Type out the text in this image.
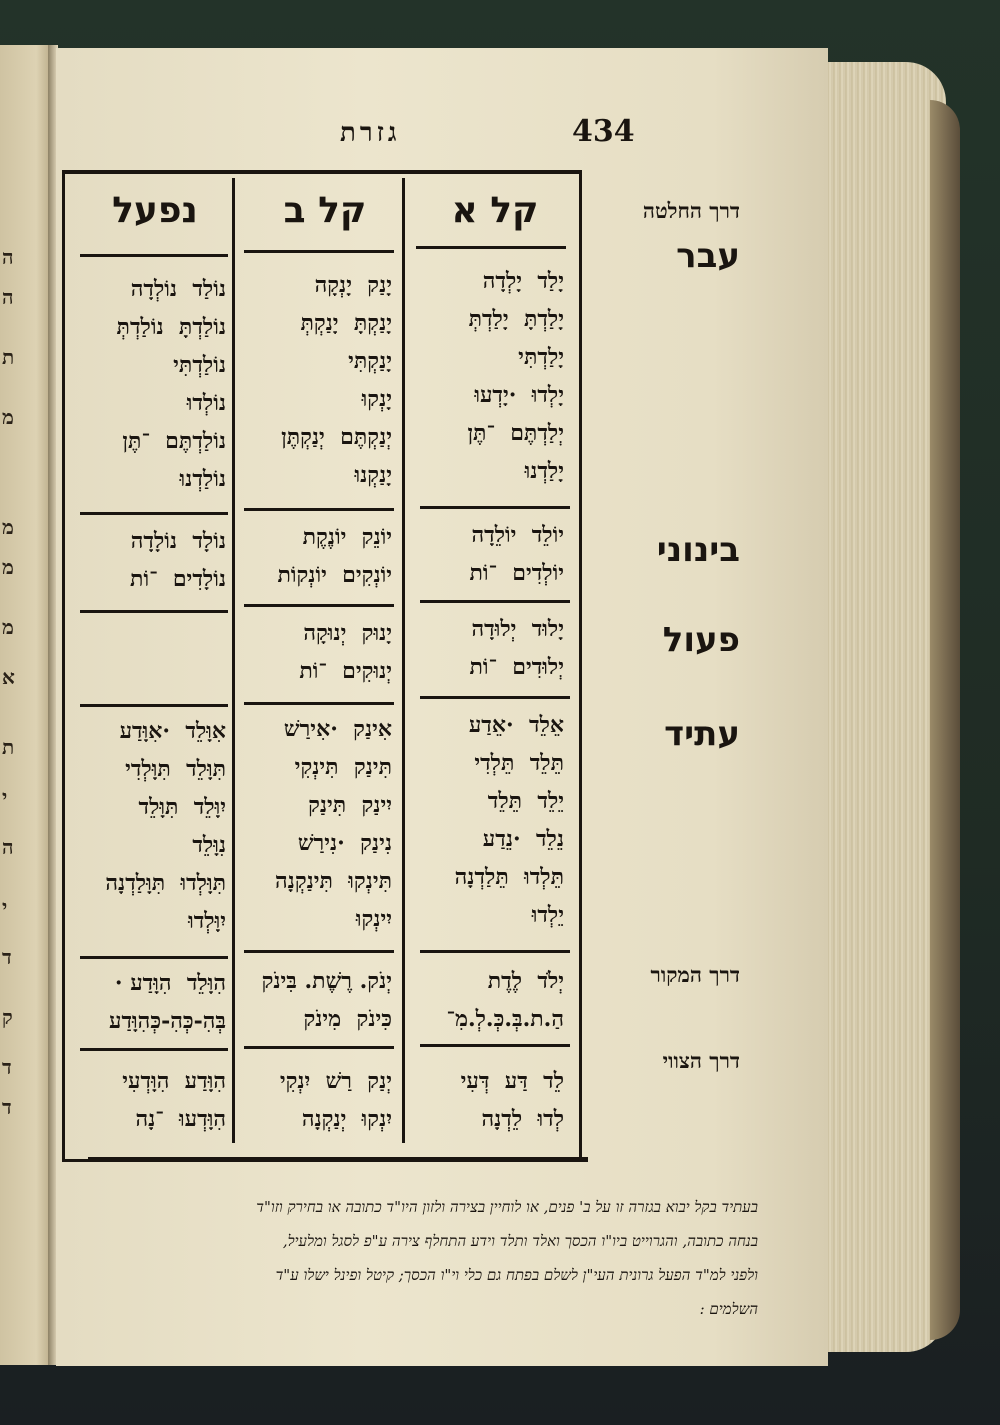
ה
ה
ת
מ
מ
מ
מ
א
ת
י
ה
י
ד
ק
ד
ד
גזרת	434
קל א
קל ב
נפעל	דרך החלטה
עבר
בינוני
פעול
עתיד
דרך המקור
דרך הצווי
יָלַד  יָלְדָה
יָלַדְתָּ  יָלַדְתְּ
יָלַדְתִּי
יָלְדוּ  ·יָדְעוּ
יְלַדְתֶּם  ־תֶּן
יָלַדְנוּ
יוֹלֵד  יוֹלֵדָה
יוֹלְדִים  ־וֹת
יָלוּד  יְלוּדָה
יְלוּדִים  ־וֹת
אֵלֵד  ·אֵדַע
תֵּלֵד  תֵּלְדִי
יֵלֵד  תֵּלֵד
נֵלֵד  ·נֵדַע
תֵּלְדוּ  תֵּלַדְנָה
יֵלְדוּ
יְלֹד  לֶדֶת
הַ.ת.בְּ.כְּ.לְ.מִ־
לֵד  דַּע  דְּעִי
לְדוּ  לֵדְנָה
יָנַק  יָנְקָה
יָנַקְתָּ  יָנַקְתְּ
יָנַקְתִּי
יָנְקוּ
יְנַקְתֶּם  יְנַקְתֶּן
יָנַקְנוּ
יוֹנֵק  יוֹנֶקֶת
יוֹנְקִים  יוֹנְקוֹת
יָנוּק  יְנוּקָה
יְנוּקִים  ־וֹת
אִינַק  ·אִירַשׁ
תִּינַק  תִּינְקִי
יִינַק  תִּינַק
נִינַק  ·נִירַשׁ
תִּינְקוּ  תִּינַקְנָה
יִינְקוּ
יְנֹק. רֶשֶׁת. בִּינֹק
כִּינֹק  מִינֹק
יְנַק  רַשׁ  יִנְקִי
יִנְקוּ  יְנַקְנָה
נוֹלַד  נוֹלְדָה
נוֹלַדְתָּ  נוֹלַדְתְּ
נוֹלַדְתִּי
נוֹלְדוּ
נוֹלַדְתֶּם  ־תֶּן
נוֹלַדְנוּ
נוֹלָד  נוֹלָדָה
נוֹלָדִים  ־וֹת
אִוָּלֵד  ·אִוָּדַע
תִּוָּלֵד  תִּוָּלְדִי
יִוָּלֵד  תִּוָּלֵד
נִוָּלֵד
תִּוָּלְדוּ  תִּוָּלַדְנָה
יִוָּלְדוּ
הִוָּלֵד  הִוָּדַע ·
בְּהִ-כְּהִ-כְּהִוָּדַע
הִוָּדַע  הִוָּדְעִי
הִוָּדְעוּ  ־נָה
בעתיד בקל יבוא בגזרה זו על ב' פנים, או לוחיין בצירה ולזון היו"ד כתובה או בחירק וזו"ד
בנחה כתובה, והגרוייט ביו"ו הכסך ואלד ותלד וידע התחלף צירה ע"פ לסגל ומלעיל,
ולפני למ"ד הפעל גרונית העי"ן לשלם בפתח גם כלי וי"ו הכסך; קיטל ופינל ישלו ע"ד
השלמים :
